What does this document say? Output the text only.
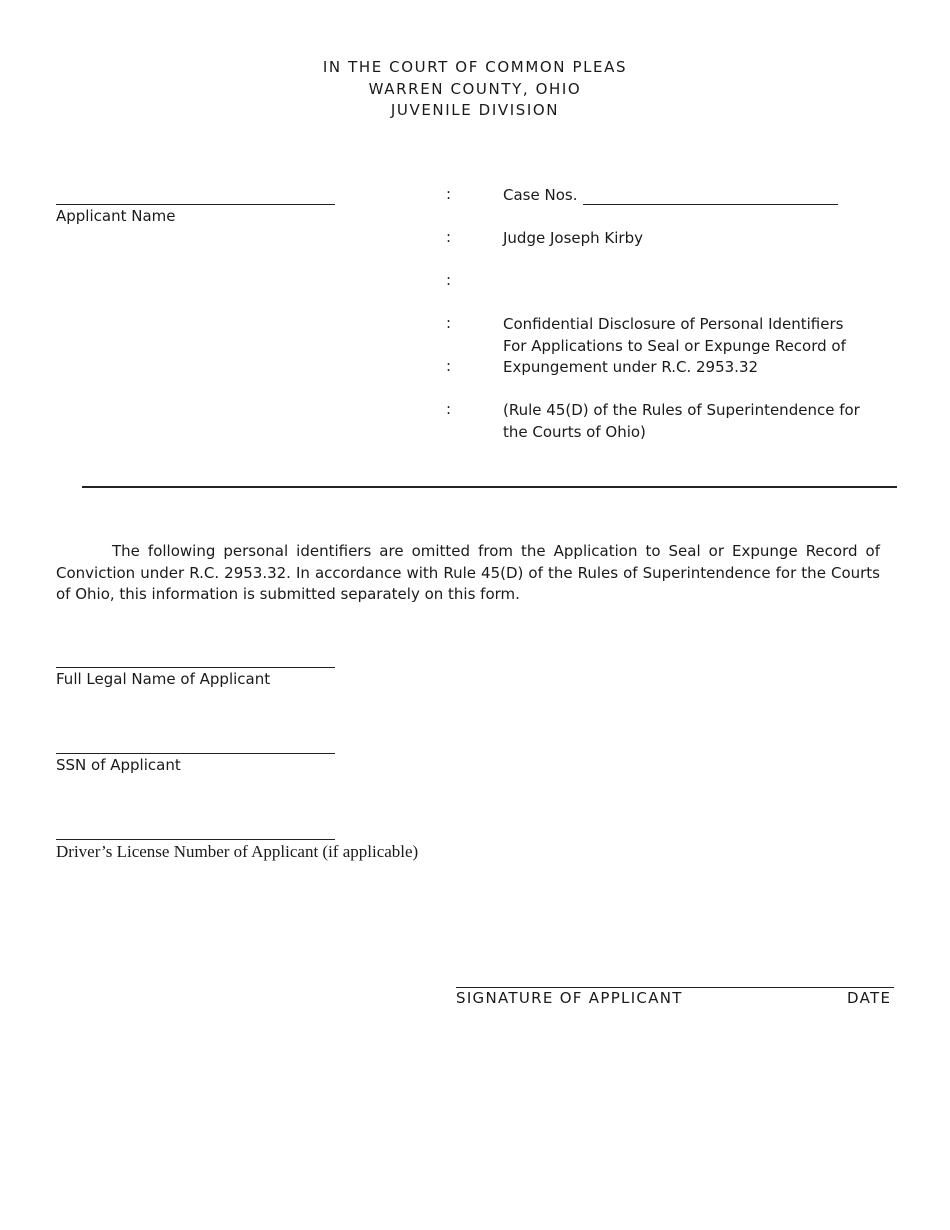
IN THE COURT OF COMMON PLEAS
WARREN COUNTY, OHIO
JUVENILE DIVISION
Applicant Name
:
:
:
:
:
:
Case Nos.
Judge Joseph Kirby
Confidential Disclosure of Personal Identifiers
For Applications to Seal or Expunge Record of
Expungement under R.C. 2953.32
(Rule 45(D) of the Rules of Superintendence for
the Courts of Ohio)
The following personal identifiers are omitted from the Application to Seal or Expunge Record of Conviction under R.C. 2953.32. In accordance with Rule 45(D) of the Rules of Superintendence for the Courts of Ohio, this information is submitted separately on this form.
Full Legal Name of Applicant
SSN of Applicant
Driver’s License Number of Applicant (if applicable)
SIGNATURE OF APPLICANT	DATE
